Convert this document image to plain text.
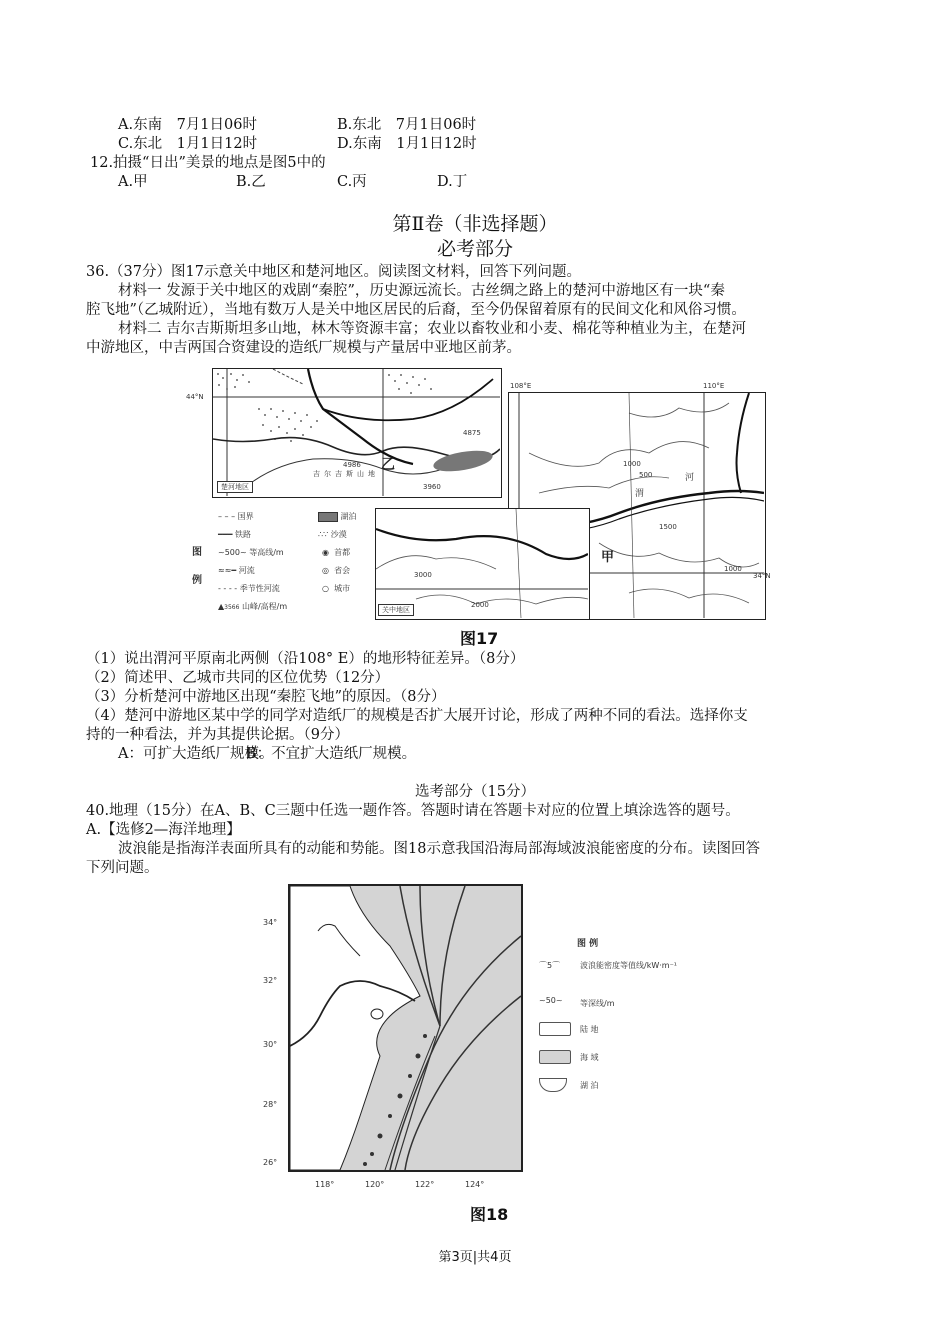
A.东南　7月1日06时	B.东北　7月1日06时
C.东北　1月1日12时	D.东南　1月1日12时
12.拍摄“日出”美景的地点是图5中的
A.甲	B.乙	C.丙	D.丁
第Ⅱ卷（非选择题）
必考部分
36.（37分）图17示意关中地区和楚河地区。阅读图文材料，回答下列问题。
材料一 发源于关中地区的戏剧“秦腔”，历史源远流长。古丝绸之路上的楚河中游地区有一块“秦
腔飞地”（乙城附近），当地有数万人是关中地区居民的后裔，至今仍保留着原有的民间文化和风俗习惯。
材料二 吉尔吉斯斯坦多山地，林木等资源丰富；农业以畜牧业和小麦、棉花等种植业为主，在楚河
中游地区，中吉两国合资建设的造纸厂规模与产量居中亚地区前茅。
乙
楚河地区
吉尔吉斯山地
4875
4986
3960
44°N
甲
渭
河
1000
500
1500
1000
108°E	110°E
34°N
关中地区
3000
2000
图
例
– – – 国界
━━━ 铁路
~500~ 等高线/m
≈≈━ 河流
- - - - 季节性河流
▲3566 山峰/高程/m
湖泊
∴∵ 沙漠
◉ 首都
◎ 省会
○ 城市
图17
（1）说出渭河平原南北两侧（沿108° E）的地形特征差异。（8分）
（2）简述甲、乙城市共同的区位优势（12分）
（3）分析楚河中游地区出现“秦腔飞地”的原因。（8分）
（4）楚河中游地区某中学的同学对造纸厂的规模是否扩大展开讨论，形成了两种不同的看法。选择你支
持的一种看法，并为其提供论据。（9分）
A：可扩大造纸厂规模。
B：不宜扩大造纸厂规模。
选考部分（15分）
40.地理（15分）在A、B、C三题中任选一题作答。答题时请在答题卡对应的位置上填涂选答的题号。
A.【选修2—海洋地理】
波浪能是指海洋表面所具有的动能和势能。图18示意我国沿海局部海域波浪能密度的分布。读图回答
下列问题。
34°
32°
30°
28°
26°
118°	120°	122°	124°
图 例
⌒5⌒ 波浪能密度等值线/kW·m⁻¹
~50~ 等深线/m
陆 地
海 域
湖 泊
图18
第3页|共4页
